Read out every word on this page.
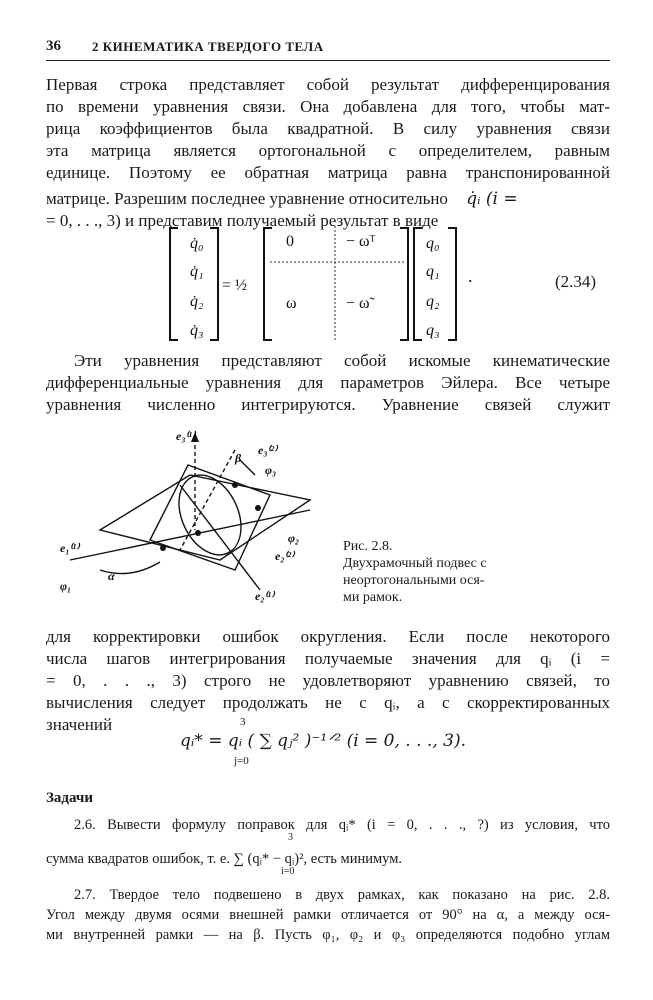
36 2 КИНЕМАТИКА ТВЕРДОГО ТЕЛА
Первая строка представляет собой результат дифференцирования
по времени уравнения связи. Она добавлена для того, чтобы мат-
рица коэффициентов была квадратной. В силу уравнения связи
эта матрица является ортогональной с определителем, равным
единице. Поэтому ее обратная матрица равна транспонированной
матрице. Разрешим последнее уравнение относительно q̇ᵢ (i =
= 0, . . ., 3) и представим получаемый результат в виде
q̇₀
q̇₁
q̇₂
q̇₃
q₀
q₁
q₂
q₃
= ½
0	− ωᵀ
ω	− ω̃
.	(2.34)
Эти уравнения представляют собой искомые кинематические
дифференциальные уравнения для параметров Эйлера. Все четыре
уравнения численно интегрируются. Уравнение связей служит
e₃⁽¹⁾
e₃⁽²⁾
β
φ₃
φ₂
e₁⁽¹⁾
φ₁
α
e₂⁽²⁾
e₂⁽¹⁾
Рис. 2.8.
Двухрамочный подвес с
неортогональными ося-
ми рамок.
для корректировки ошибок округления. Если после некоторого
числа шагов интегрирования получаемые значения для qᵢ (i =
= 0, . . ., 3) строго не удовлетворяют уравнению связей, то
вычисления следует продолжать не с qᵢ, а с скорректированных
значений	3
qᵢ* = qᵢ ( ∑ qⱼ² )⁻¹ᐟ² (i = 0, . . ., 3).
j=0
Задачи
2.6. Вывести формулу поправок для qᵢ* (i = 0, . . ., ?) из условия, что
сумма квадратов ошибок, т. е. ∑ (qᵢ* − qᵢ)², есть минимум.
3
i=0
2.7. Твердое тело подвешено в двух рамках, как показано на рис. 2.8.
Угол между двумя осями внешней рамки отличается от 90° на α, а между ося-
ми внутренней рамки — на β. Пусть φ₁, φ₂ и φ₃ определяются подобно углам
